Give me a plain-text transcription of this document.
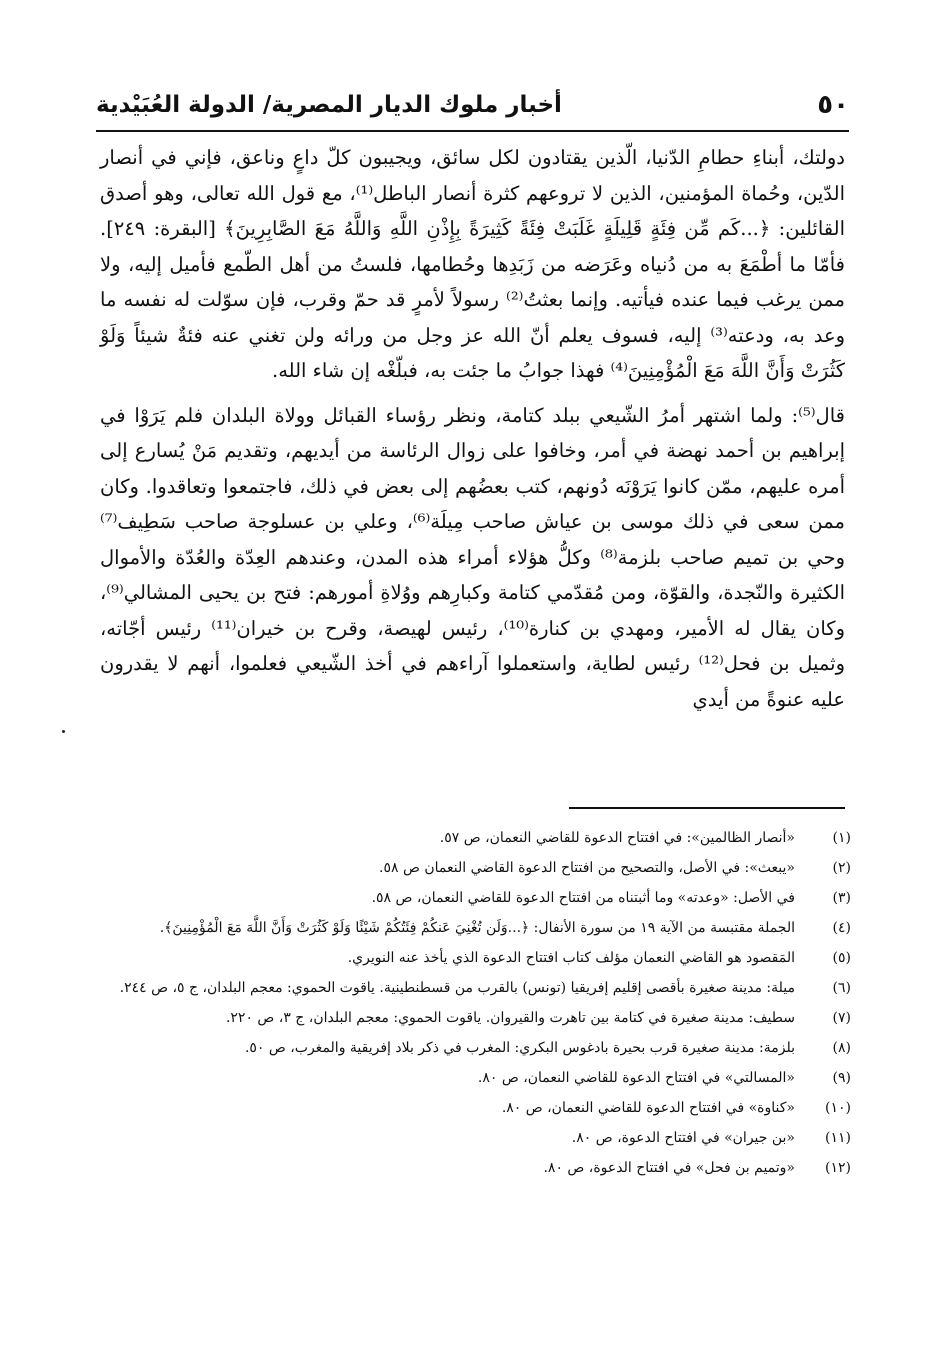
٥٠
أخبار ملوك الديار المصرية/ الدولة العُبَيْدية

دولتك، أبناءِ حطامِ الدّنيا، الّذين يقتادون لكل سائق، ويجيبون كلّ داعٍ وناعق، فإني في أنصار الدّين، وحُماة المؤمنين، الذين لا تروعهم كثرة أنصار الباطل⁽¹⁾، مع قول الله تعالى، وهو أصدق القائلين: ﴿...كَم مِّن فِئَةٍ قَلِيلَةٍ غَلَبَتْ فِئَةً كَثِيرَةً بِإِذْنِ اللَّهِ وَاللَّهُ مَعَ الصَّابِرِينَ﴾ [البقرة: ٢٤٩]. فأمّا ما أطْمَعَ به من دُنياه وعَرَضه من زَبَدِها وحُطامها، فلستُ من أهل الطّمع فأميل إليه، ولا ممن يرغب فيما عنده فيأتيه. وإنما بعثتُ⁽²⁾ رسولاً لأمرٍ قد حمّ وقرب، فإن سوّلت له نفسه ما وعد به، ودعته⁽³⁾ إليه، فسوف يعلم أنّ الله عز وجل من ورائه ولن تغني عنه فئةٌ شيئاً وَلَوْ كَثُرَتْ وَأَنَّ اللَّهَ مَعَ الْمُؤْمِنِينَ⁽⁴⁾ فهذا جوابُ ما جئت به، فبلّغْه إن شاء الله.

قال⁽⁵⁾: ولما اشتهر أمرُ الشّيعي ببلد كتامة، ونظر رؤساء القبائل وولاة البلدان فلم يَرَوْا في إبراهيم بن أحمد نهضة في أمر، وخافوا على زوال الرئاسة من أيديهم، وتقديم مَنْ يُسارع إلى أمره عليهم، ممّن كانوا يَرَوْنَه دُونهم، كتب بعضُهم إلى بعض في ذلك، فاجتمعوا وتعاقدوا. وكان ممن سعى في ذلك موسى بن عياش صاحب مِيلَة⁽⁶⁾، وعلي بن عسلوجة صاحب سَطِيف⁽⁷⁾ وحي بن تميم صاحب بلزمة⁽⁸⁾ وكلُّ هؤلاء أمراء هذه المدن، وعندهم العِدّة والعُدّة والأموال الكثيرة والنّجدة، والقوّة، ومن مُقدّمي كتامة وكبارِهم ووُلاةِ أمورهم: فتح بن يحيى المشالي⁽⁹⁾، وكان يقال له الأمير، ومهدي بن كنارة⁽¹⁰⁾، رئيس لهيصة، وقرح بن خيران⁽¹¹⁾ رئيس أجّاته، وثميل بن فحل⁽¹²⁾ رئيس لطاية، واستعملوا آراءهم في أخذ الشّيعي فعلموا، أنهم لا يقدرون عليه عنوةً من أيدي

(١)
«أنصار الظالمين»: في افتتاح الدعوة للقاضي النعمان، ص ٥٧.
(٢)
«يبعث»: في الأصل، والتصحيح من افتتاح الدعوة القاضي النعمان ص ٥٨.
(٣)
في الأصل: «وعدته» وما أثبتناه من افتتاح الدعوة للقاضي النعمان، ص ٥٨.
(٤)
الجملة مقتبسة من الآية ١٩ من سورة الأنفال: ﴿...وَلَن تُغْنِيَ عَنكُمْ فِئَتُكُمْ شَيْئًا وَلَوْ كَثُرَتْ وَأَنَّ اللَّهَ مَعَ الْمُؤْمِنِينَ﴾.
(٥)
المَقصود هو القاضي النعمان مؤلف كتاب افتتاح الدعوة الذي يأخذ عنه النويري.
(٦)
ميلة: مدينة صغيرة بأقصى إقليم إفريقيا (تونس) بالقرب من قسطنطينية. ياقوت الحموي: معجم البلدان، ج ٥، ص ٢٤٤.
(٧)
سطيف: مدينة صغيرة في كتامة بين تاهرت والقيروان. ياقوت الحموي: معجم البلدان، ج ٣، ص ٢٢٠.
(٨)
بلزمة: مدينة صغيرة قرب بحيرة بادغوس البكري: المغرب في ذكر بلاد إفريقية والمغرب، ص ٥٠.
(٩)
«المسالتي» في افتتاح الدعوة للقاضي النعمان، ص ٨٠.
(١٠)
«كناوة» في افتتاح الدعوة للقاضي النعمان، ص ٨٠.
(١١)
«بن جيران» في افتتاح الدعوة، ص ٨٠.
(١٢)
«وتميم بن فحل» في افتتاح الدعوة، ص ٨٠.
